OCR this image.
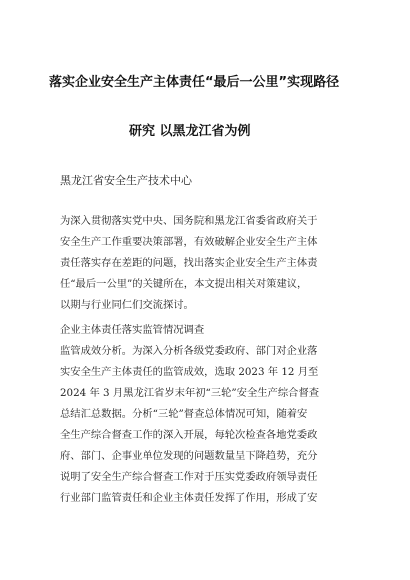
落实企业安全生产主体责任“最后一公里”实现路径
研究 以黑龙江省为例
黑龙江省安全生产技术中心
为深入贯彻落实党中央、国务院和黑龙江省委省政府关于
安全生产工作重要决策部署，有效破解企业安全生产主体
责任落实存在差距的问题，找出落实企业安全生产主体责
任“最后一公里”的关键所在，本文提出相关对策建议，
以期与行业同仁们交流探讨。
企业主体责任落实监管情况调查
监管成效分析。为深入分析各级党委政府、部门对企业落
实安全生产主体责任的监管成效，选取 2023 年 12 月至
2024 年 3 月黑龙江省岁末年初“三轮”安全生产综合督查
总结汇总数据。分析“三轮”督查总体情况可知，随着安
全生产综合督查工作的深入开展，每轮次检查各地党委政
府、部门、企事业单位发现的问题数量呈下降趋势，充分
说明了安全生产综合督查工作对于压实党委政府领导责任
行业部门监管责任和企业主体责任发挥了作用，形成了安
